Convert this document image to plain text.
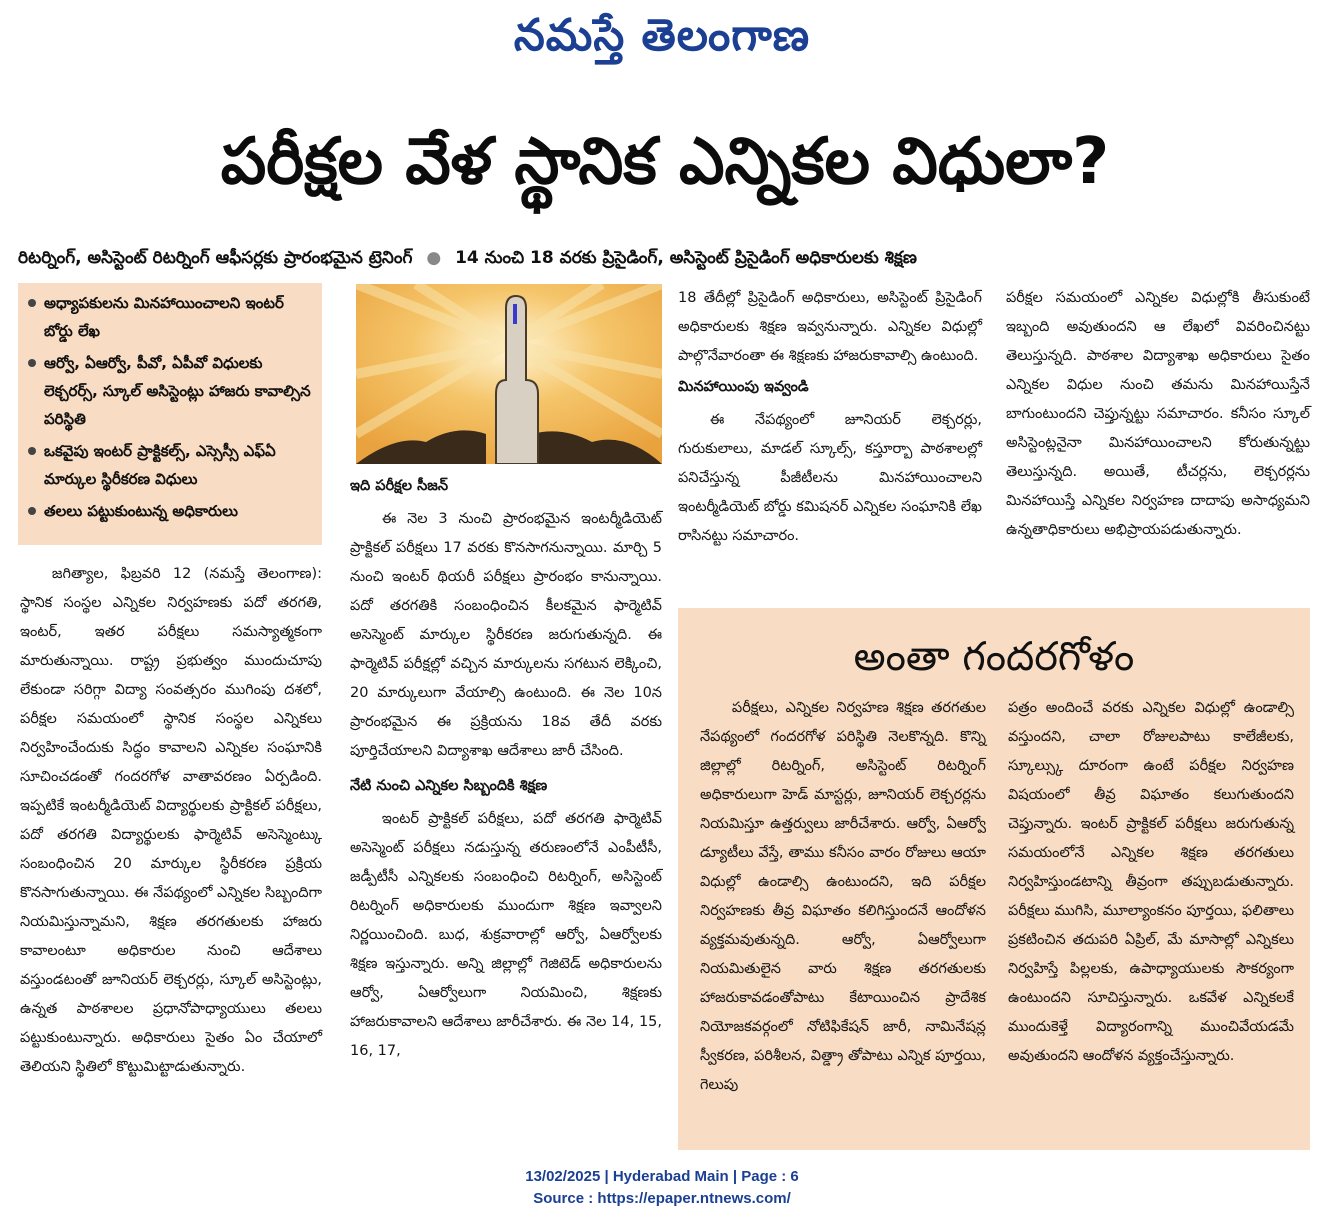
నమస్తే తెలంగాణ
పరీక్షల వేళ స్థానిక ఎన్నికల విధులా?
రిటర్నింగ్, అసిస్టెంట్ రిటర్నింగ్ ఆఫీసర్లకు ప్రారంభమైన ట్రెనింగ్ ● 14 నుంచి 18 వరకు ప్రిసైడింగ్, అసిస్టెంట్ ప్రిసైడింగ్ అధికారులకు శిక్షణ
అధ్యాపకులను మినహాయించాలని ఇంటర్ బోర్డు లేఖ
ఆర్వో, ఏఆర్వో, పీవో, ఏపీవో విధులకు లెక్చరర్స్, స్కూల్ అసిస్టెంట్లు హాజరు కావాల్సిన పరిస్థితి
ఒకవైపు ఇంటర్ ప్రాక్టికల్స్, ఎస్సెస్సీ ఎఫ్ఏ మార్కుల స్థిరీకరణ విధులు
తలలు పట్టుకుంటున్న అధికారులు

జగిత్యాల, ఫిబ్రవరి 12 (నమస్తే తెలంగాణ): స్థానిక సంస్థల ఎన్నికల నిర్వహణకు పదో తరగతి, ఇంటర్, ఇతర పరీక్షలు సమస్యాత్మకంగా మారుతున్నాయి. రాష్ట్ర ప్రభుత్వం ముందుచూపు లేకుండా సరిగ్గా విద్యా సంవత్సరం ముగింపు దశలో, పరీక్షల సమయంలో స్థానిక సంస్థల ఎన్నికలు నిర్వహించేందుకు సిద్ధం కావాలని ఎన్నికల సంఘానికి సూచించడంతో గందరగోళ వాతావరణం ఏర్పడింది. ఇప్పటికే ఇంటర్మీడియెట్ విద్యార్థులకు ప్రాక్టికల్ పరీక్షలు, పదో తరగతి విద్యార్థులకు ఫార్మెటివ్ అసెస్మెంట్కు సంబంధించిన 20 మార్కుల స్థిరీకరణ ప్రక్రియ కొనసాగుతున్నాయి. ఈ నేపథ్యంలో ఎన్నికల సిబ్బందిగా నియమిస్తున్నామని, శిక్షణ తరగతులకు హాజరు కావాలంటూ అధికారుల నుంచి ఆదేశాలు వస్తుండటంతో జూనియర్ లెక్చరర్లు, స్కూల్ అసిస్టెంట్లు, ఉన్నత పాఠశాలల ప్రధానోపాధ్యాయులు తలలు పట్టుకుంటున్నారు. అధికారులు సైతం ఏం చేయాలో తెలియని స్థితిలో కొట్టుమిట్టాడుతున్నారు.

ఇది పరీక్షల సీజన్

ఈ నెల 3 నుంచి ప్రారంభమైన ఇంటర్మీడియెట్ ప్రాక్టికల్ పరీక్షలు 17 వరకు కొనసాగనున్నాయి. మార్చి 5 నుంచి ఇంటర్ థియరీ పరీక్షలు ప్రారంభం కానున్నాయి. పదో తరగతికి సంబంధించిన కీలకమైన ఫార్మెటివ్ అసెస్మెంట్ మార్కుల స్థిరీకరణ జరుగుతున్నది. ఈ ఫార్మెటివ్ పరీక్షల్లో వచ్చిన మార్కులను సగటున లెక్కించి, 20 మార్కులుగా వేయాల్సి ఉంటుంది. ఈ నెల 10న ప్రారంభమైన ఈ ప్రక్రియను 18వ తేదీ వరకు పూర్తిచేయాలని విద్యాశాఖ ఆదేశాలు జారీ చేసింది.

నేటి నుంచి ఎన్నికల సిబ్బందికి శిక్షణ

ఇంటర్ ప్రాక్టికల్ పరీక్షలు, పదో తరగతి ఫార్మెటివ్ అసెస్మెంట్ పరీక్షలు నడుస్తున్న తరుణంలోనే ఎంపీటీసీ, జడ్పీటీసీ ఎన్నికలకు సంబంధించి రిటర్నింగ్, అసిస్టెంట్ రిటర్నింగ్ అధికారులకు ముందుగా శిక్షణ ఇవ్వాలని నిర్ణయించింది. బుధ, శుక్రవారాల్లో ఆర్వో, ఏఆర్వోలకు శిక్షణ ఇస్తున్నారు. అన్ని జిల్లాల్లో గెజిటెడ్ అధికారులను ఆర్వో, ఏఆర్వోలుగా నియమించి, శిక్షణకు హాజరుకావాలని ఆదేశాలు జారీచేశారు. ఈ నెల 14, 15, 16, 17,

18 తేదీల్లో ప్రిసైడింగ్ అధికారులు, అసిస్టెంట్ ప్రిసైడింగ్ అధికారులకు శిక్షణ ఇవ్వనున్నారు. ఎన్నికల విధుల్లో పాల్గొనేవారంతా ఈ శిక్షణకు హాజరుకావాల్సి ఉంటుంది.

మినహాయింపు ఇవ్వండి

ఈ నేపథ్యంలో జూనియర్ లెక్చరర్లు, గురుకులాలు, మాడల్ స్కూల్స్, కస్తూర్బా పాఠశాలల్లో పనిచేస్తున్న పీజీటీలను మినహాయించాలని ఇంటర్మీడియెట్ బోర్డు కమిషనర్ ఎన్నికల సంఘానికి లేఖ రాసినట్టు సమాచారం.

పరీక్షల సమయంలో ఎన్నికల విధుల్లోకి తీసుకుంటే ఇబ్బంది అవుతుందని ఆ లేఖలో వివరించినట్టు తెలుస్తున్నది. పాఠశాల విద్యాశాఖ అధికారులు సైతం ఎన్నికల విధుల నుంచి తమను మినహాయిస్తేనే బాగుంటుందని చెప్తున్నట్టు సమాచారం. కనీసం స్కూల్ అసిస్టెంట్లనైనా మినహాయించాలని కోరుతున్నట్టు తెలుస్తున్నది. అయితే, టీచర్లను, లెక్చరర్లను మినహాయిస్తే ఎన్నికల నిర్వహణ దాదాపు అసాధ్యమని ఉన్నతాధికారులు అభిప్రాయపడుతున్నారు.

అంతా గందరగోళం

పరీక్షలు, ఎన్నికల నిర్వహణ శిక్షణ తరగతుల నేపథ్యంలో గందరగోళ పరిస్థితి నెలకొన్నది. కొన్ని జిల్లాల్లో రిటర్నింగ్, అసిస్టెంట్ రిటర్నింగ్ అధికారులుగా హెడ్ మాస్టర్లు, జూనియర్ లెక్చరర్లను నియమిస్తూ ఉత్తర్వులు జారీచేశారు. ఆర్వో, ఏఆర్వో డ్యూటీలు వేస్తే, తాము కనీసం వారం రోజులు ఆయా విధుల్లో ఉండాల్సి ఉంటుందని, ఇది పరీక్షల నిర్వహణకు తీవ్ర విఘాతం కలిగిస్తుందనే ఆందోళన వ్యక్తమవుతున్నది. ఆర్వో, ఏఆర్వోలుగా నియమితులైన వారు శిక్షణ తరగతులకు హాజరుకావడంతోపాటు కేటాయించిన ప్రాదేశిక నియోజకవర్గంలో నోటిఫికేషన్ జారీ, నామినేషన్ల స్వీకరణ, పరిశీలన, విత్డ్రా తోపాటు ఎన్నిక పూర్తయి, గెలుపు

పత్రం అందించే వరకు ఎన్నికల విధుల్లో ఉండాల్సి వస్తుందని, చాలా రోజులపాటు కాలేజీలకు, స్కూల్స్కు దూరంగా ఉంటే పరీక్షల నిర్వహణ విషయంలో తీవ్ర విఘాతం కలుగుతుందని చెప్తున్నారు. ఇంటర్ ప్రాక్టికల్ పరీక్షలు జరుగుతున్న సమయంలోనే ఎన్నికల శిక్షణ తరగతులు నిర్వహిస్తుండటాన్ని తీవ్రంగా తప్పుబడుతున్నారు. పరీక్షలు ముగిసి, మూల్యాంకనం పూర్తయి, ఫలితాలు ప్రకటించిన తదుపరి ఏప్రిల్, మే మాసాల్లో ఎన్నికలు నిర్వహిస్తే పిల్లలకు, ఉపాధ్యాయులకు సౌకర్యంగా ఉంటుందని సూచిస్తున్నారు. ఒకవేళ ఎన్నికలకే ముందుకెళ్తే విద్యారంగాన్ని ముంచివేయడమే అవుతుందని ఆందోళన వ్యక్తంచేస్తున్నారు.

13/02/2025 | Hyderabad Main | Page : 6
Source : https://epaper.ntnews.com/
